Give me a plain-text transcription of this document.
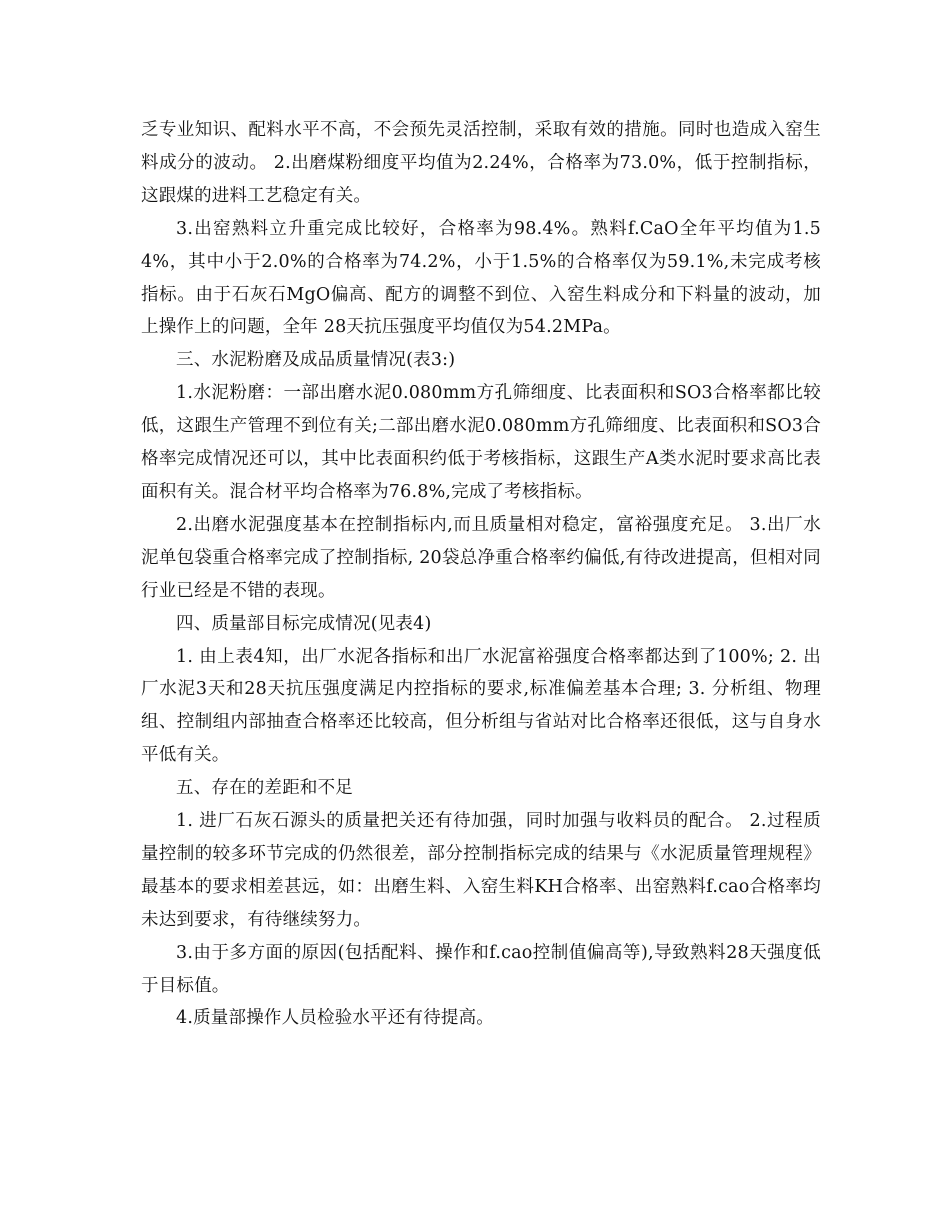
乏专业知识、配料水平不高，不会预先灵活控制，采取有效的措施。同时也造成入窑生料成分的波动。 2.出磨煤粉细度平均值为2.24%，合格率为73.0%，低于控制指标，这跟煤的进料工艺稳定有关。

3.出窑熟料立升重完成比较好，合格率为98.4%。熟料f.CaO全年平均值为1.54%，其中小于2.0%的合格率为74.2%，小于1.5%的合格率仅为59.1%,未完成考核指标。由于石灰石MgO偏高、配方的调整不到位、入窑生料成分和下料量的波动，加上操作上的问题，全年 28天抗压强度平均值仅为54.2MPa。

三、水泥粉磨及成品质量情况(表3:)

1.水泥粉磨：一部出磨水泥0.080mm方孔筛细度、比表面积和SO3合格率都比较低，这跟生产管理不到位有关;二部出磨水泥0.080mm方孔筛细度、比表面积和SO3合格率完成情况还可以，其中比表面积约低于考核指标，这跟生产A类水泥时要求高比表面积有关。混合材平均合格率为76.8%,完成了考核指标。

2.出磨水泥强度基本在控制指标内,而且质量相对稳定，富裕强度充足。 3.出厂水泥单包袋重合格率完成了控制指标, 20袋总净重合格率约偏低,有待改进提高，但相对同行业已经是不错的表现。

四、质量部目标完成情况(见表4)

1. 由上表4知，出厂水泥各指标和出厂水泥富裕强度合格率都达到了100%; 2. 出厂水泥3天和28天抗压强度满足内控指标的要求,标准偏差基本合理; 3. 分析组、物理组、控制组内部抽查合格率还比较高，但分析组与省站对比合格率还很低，这与自身水平低有关。

五、存在的差距和不足

1. 进厂石灰石源头的质量把关还有待加强，同时加强与收料员的配合。 2.过程质量控制的较多环节完成的仍然很差，部分控制指标完成的结果与《水泥质量管理规程》最基本的要求相差甚远，如：出磨生料、入窑生料KH合格率、出窑熟料f.cao合格率均未达到要求，有待继续努力。

3.由于多方面的原因(包括配料、操作和f.cao控制值偏高等),导致熟料28天强度低于目标值。

4.质量部操作人员检验水平还有待提高。
